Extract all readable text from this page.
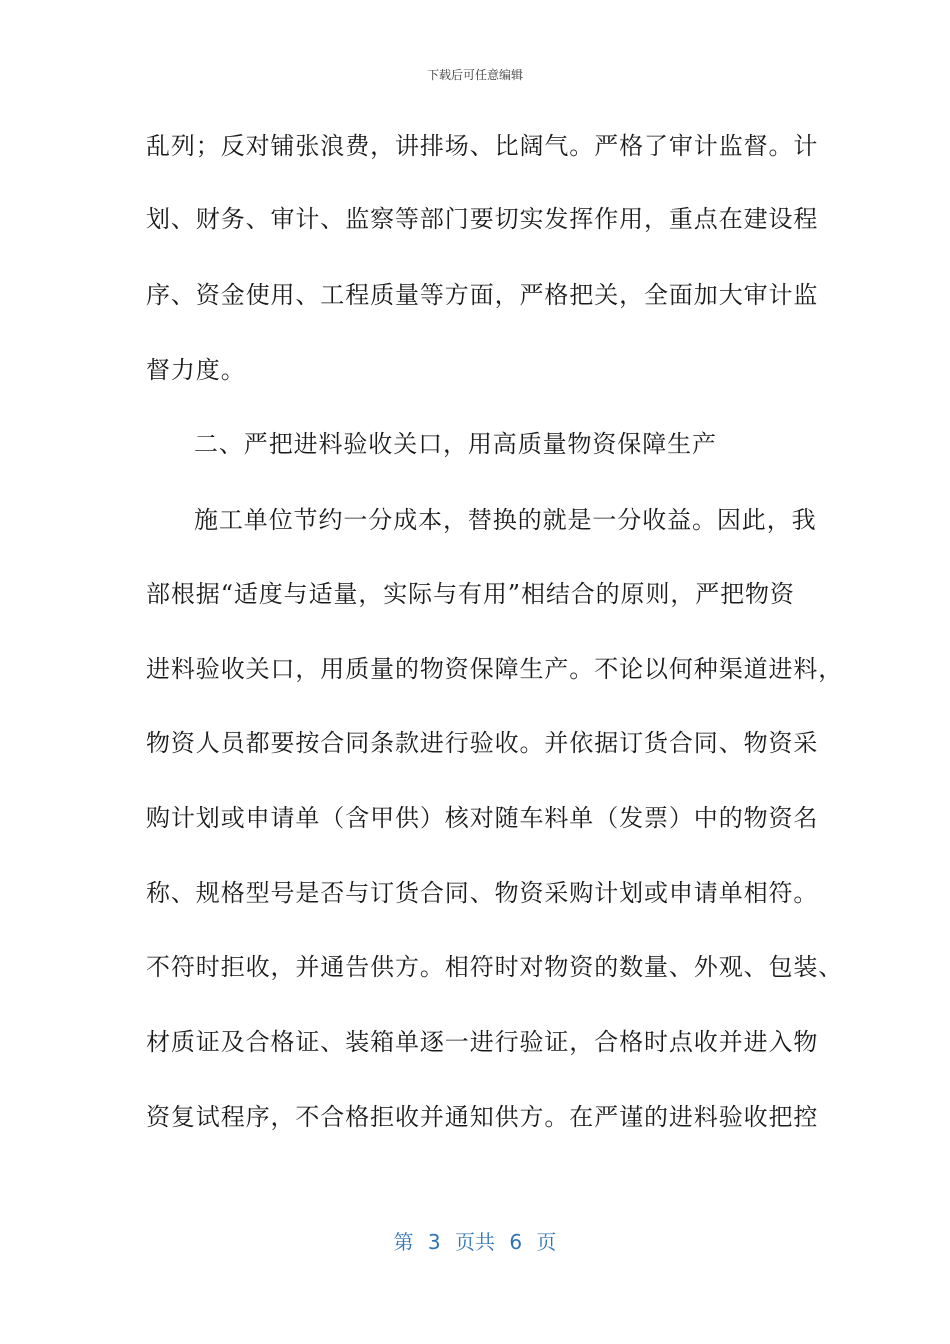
下载后可任意编辑
乱列；反对铺张浪费，讲排场、比阔气。严格了审计监督。计
划、财务、审计、监察等部门要切实发挥作用，重点在建设程
序、资金使用、工程质量等方面，严格把关，全面加大审计监
督力度。
二、严把进料验收关口，用高质量物资保障生产
施工单位节约一分成本，替换的就是一分收益。因此，我
部根据“适度与适量，实际与有用”相结合的原则，严把物资
进料验收关口，用质量的物资保障生产。不论以何种渠道进料，
物资人员都要按合同条款进行验收。并依据订货合同、物资采
购计划或申请单（含甲供）核对随车料单（发票）中的物资名
称、规格型号是否与订货合同、物资采购计划或申请单相符。
不符时拒收，并通告供方。相符时对物资的数量、外观、包装、
材质证及合格证、装箱单逐一进行验证，合格时点收并进入物
资复试程序，不合格拒收并通知供方。在严谨的进料验收把控
第 3 页共 6 页
